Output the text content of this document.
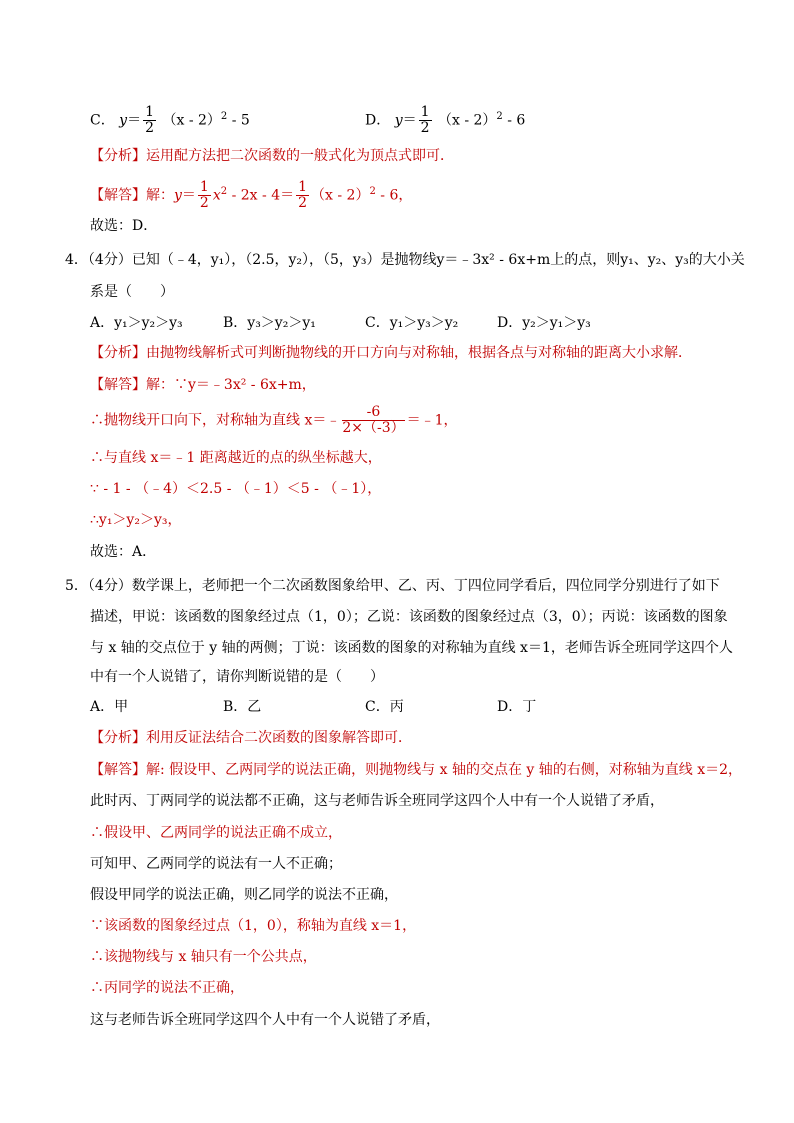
C． $y= \frac{1}{2} (x - 2)^2 - 5$	D． $y= \frac{1}{2} (x - 2)^2 - 6$
【分析】运用配方法把二次函数的一般式化为顶点式即可．
【解答】解：$y= \frac{1}{2} x^2 - 2x - 4= \frac{1}{2} (x - 2)^2 - 6$，
故选：D．
4．（4分）已知（﹣4，y₁），（2.5，y₂），（5，y₃）是抛物线y＝﹣3x² - 6x+m上的点，则y₁、y₂、y₃的大小关
系是（　　）
A．y₁＞y₂＞y₃	B．y₃＞y₂＞y₁	C．y₁＞y₃＞y₂	D．y₂＞y₁＞y₃
【分析】由抛物线解析式可判断抛物线的开口方向与对称轴，根据各点与对称轴的距离大小求解．
【解答】解：∵y＝﹣3x² - 6x+m，
∴抛物线开口向下，对称轴为直线 x＝﹣ $\frac{-6}{2\times(-3)}$ ＝﹣1，
∴与直线 x＝﹣1 距离越近的点的纵坐标越大，
∵ - 1 - （﹣4）＜2.5 - （﹣1）＜5 - （﹣1），
∴y₁＞y₂＞y₃，
故选：A．
5．（4分）数学课上，老师把一个二次函数图象给甲、乙、丙、丁四位同学看后，四位同学分别进行了如下
描述，甲说：该函数的图象经过点（1，0）；乙说：该函数的图象经过点（3，0）；丙说：该函数的图象
与 x 轴的交点位于 y 轴的两侧；丁说：该函数的图象的对称轴为直线 x＝1，老师告诉全班同学这四个人
中有一个人说错了，请你判断说错的是（　　）
A．甲	B．乙	C．丙	D．丁
【分析】利用反证法结合二次函数的图象解答即可．
【解答】解: 假设甲、乙两同学的说法正确，则抛物线与 x 轴的交点在 y 轴的右侧，对称轴为直线 x＝2，
此时丙、丁两同学的说法都不正确，这与老师告诉全班同学这四个人中有一个人说错了矛盾，
∴假设甲、乙两同学的说法正确不成立，
可知甲、乙两同学的说法有一人不正确；
假设甲同学的说法正确，则乙同学的说法不正确，
∵该函数的图象经过点（1，0），称轴为直线 x＝1，
∴该抛物线与 x 轴只有一个公共点，
∴丙同学的说法不正确，
这与老师告诉全班同学这四个人中有一个人说错了矛盾，
